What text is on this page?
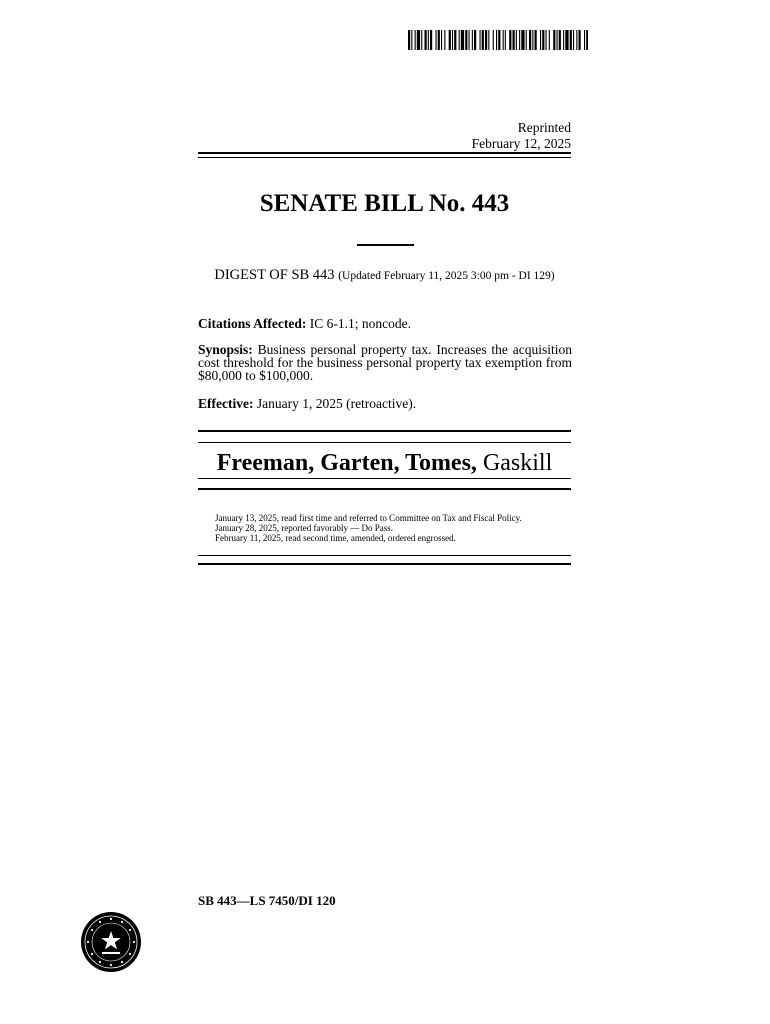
Reprinted
February 12, 2025
SENATE BILL No. 443
DIGEST OF SB 443 (Updated February 11, 2025 3:00 pm - DI 129)
Citations Affected: IC 6-1.1; noncode.
Synopsis: Business personal property tax. Increases the acquisition cost threshold for the business personal property tax exemption from $80,000 to $100,000.
Effective: January 1, 2025 (retroactive).
Freeman, Garten, Tomes, Gaskill
January 13, 2025, read first time and referred to Committee on Tax and Fiscal Policy.
January 28, 2025, reported favorably — Do Pass.
February 11, 2025, read second time, amended, ordered engrossed.
SB 443—LS 7450/DI 120
